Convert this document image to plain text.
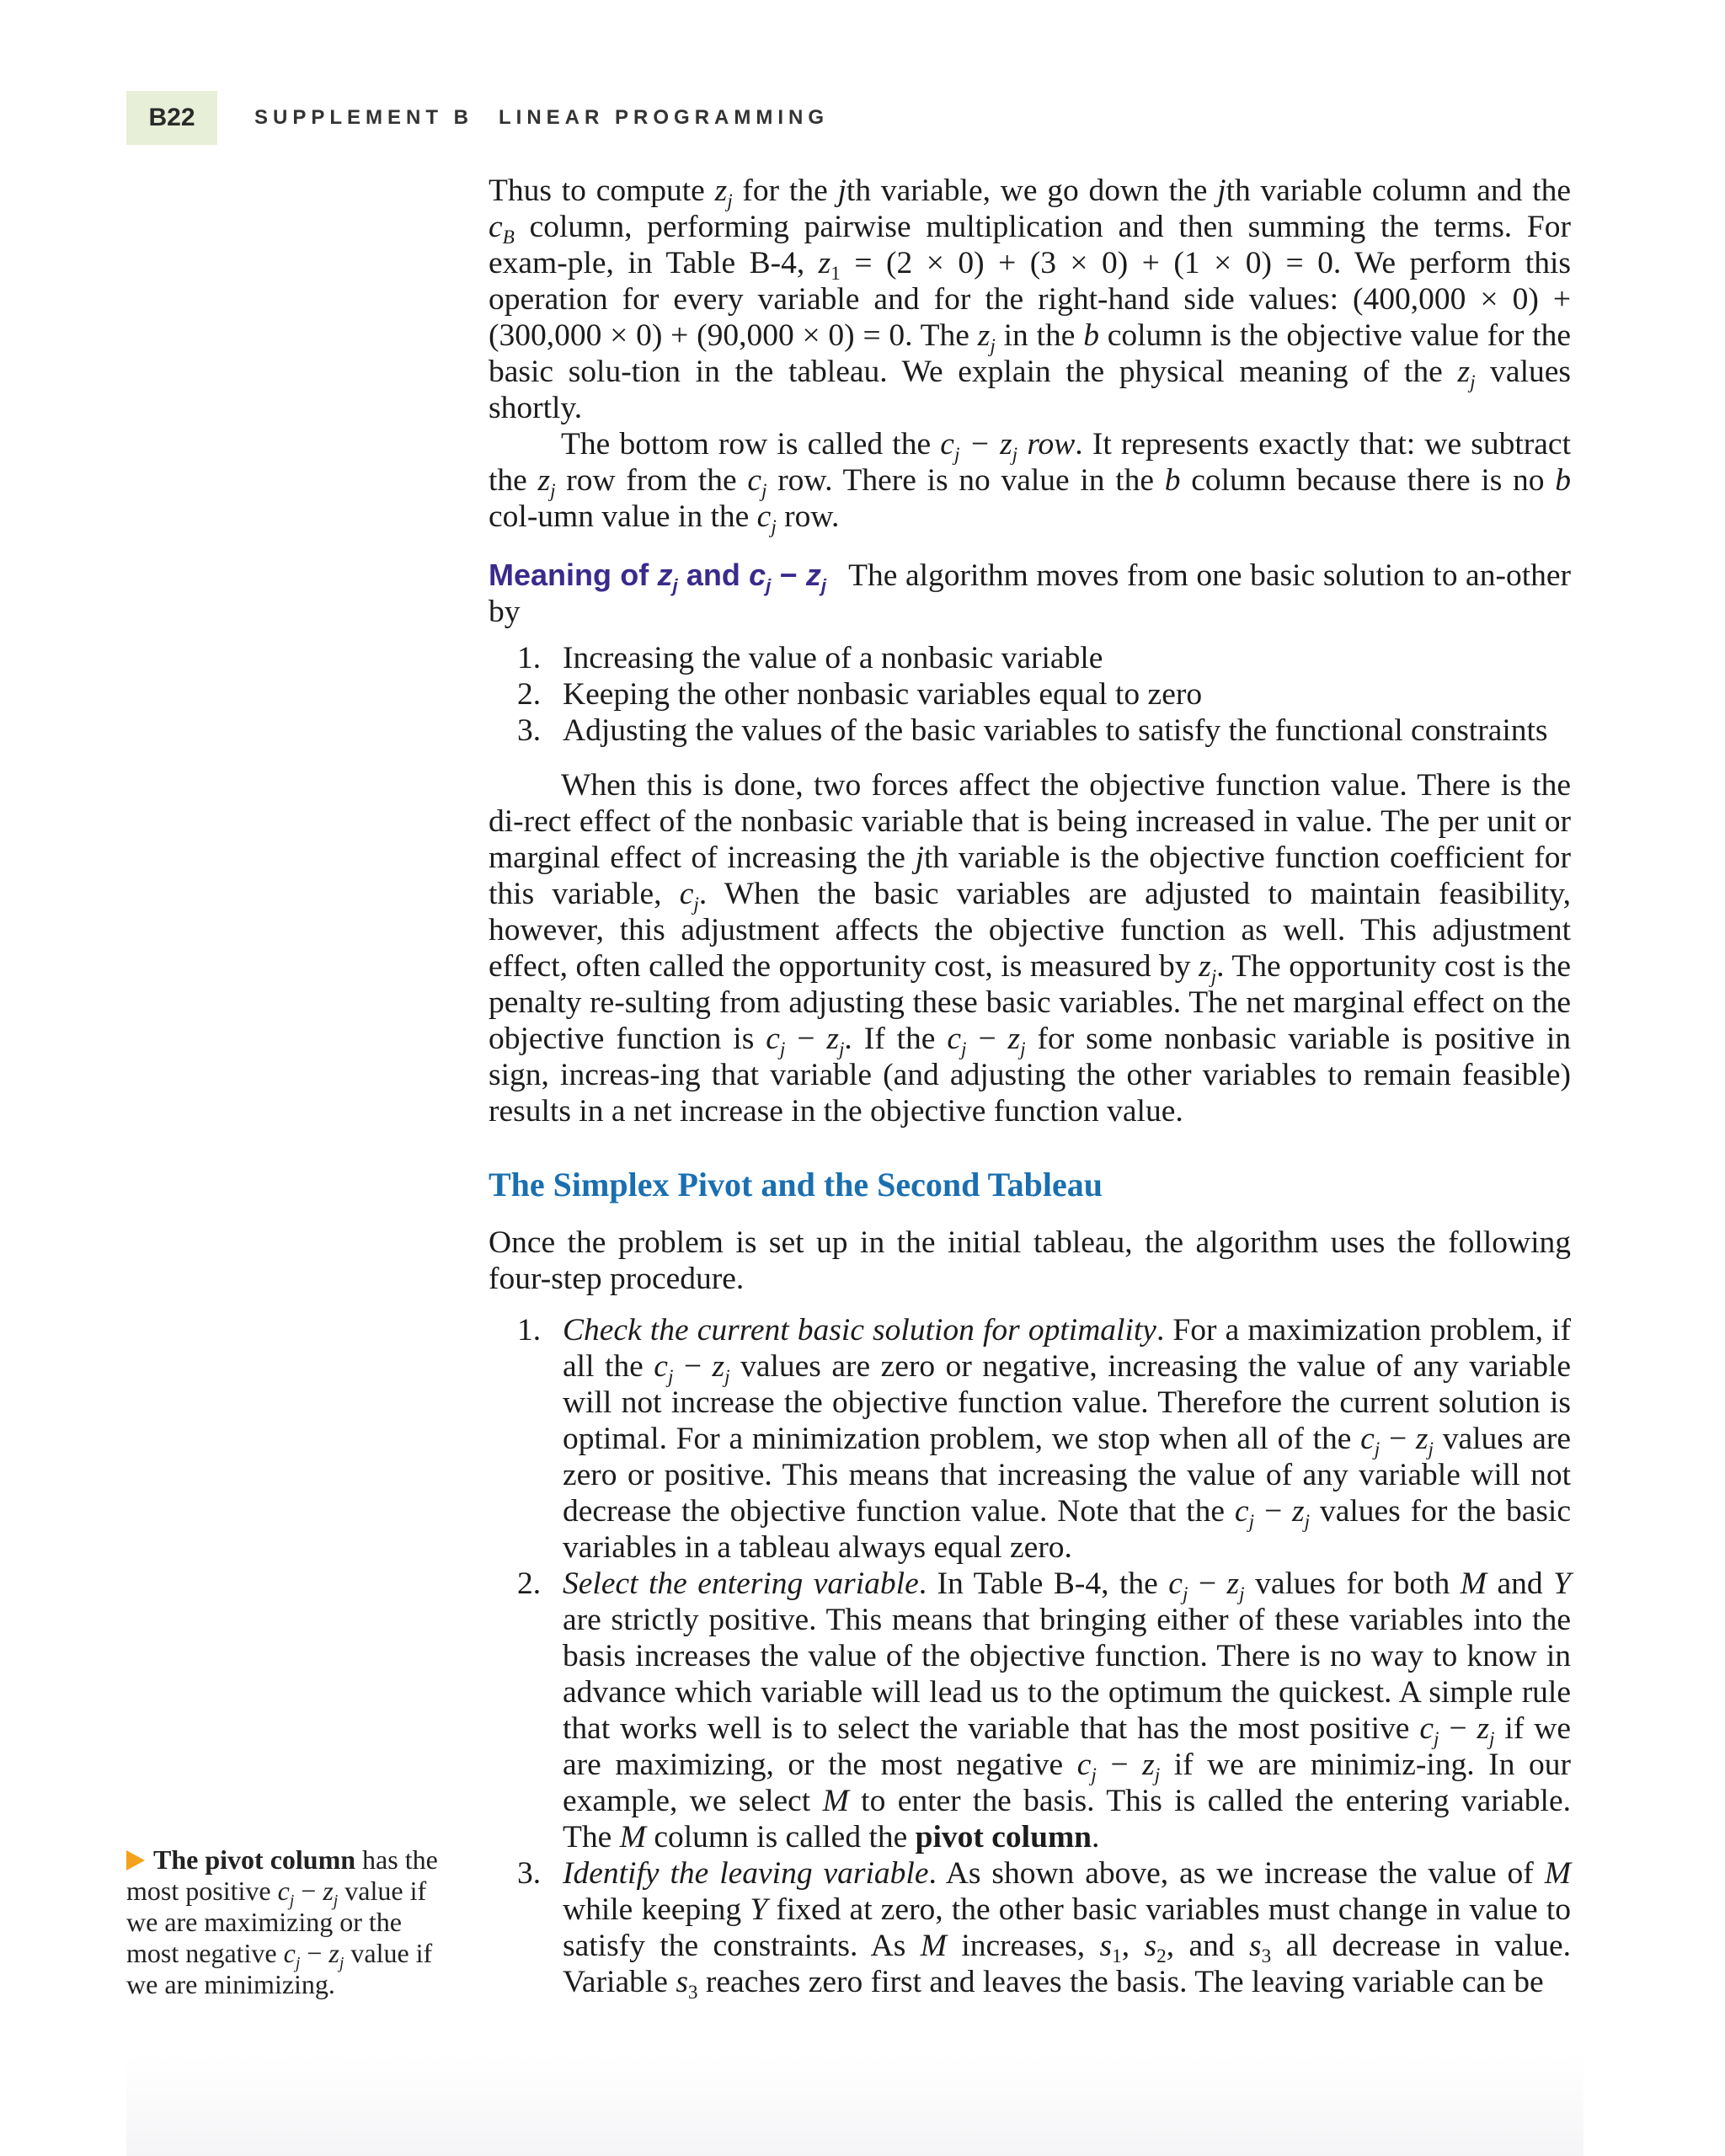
B22	SUPPLEMENT B LINEAR PROGRAMMING

Thus to compute $z_j$ for the jth variable, we go down the jth variable column and the $c_B$ column, performing pairwise multiplication and then summing the terms. For exam-ple, in Table B-4, $z_1 = (2 \times 0) + (3 \times 0) + (1 \times 0) = 0$. We perform this operation for every variable and for the right-hand side values: (400,000 × 0) + (300,000 × 0) + (90,000 × 0) = 0. The $z_j$ in the b column is the objective value for the basic solu-tion in the tableau. We explain the physical meaning of the $z_j$ values shortly.

The bottom row is called the $c_j - z_j$ row. It represents exactly that: we subtract the $z_j$ row from the $c_j$ row. There is no value in the b column because there is no b col-umn value in the $c_j$ row.

Meaning of $z_j$ and $c_j - z_j$ The algorithm moves from one basic solution to an-other by

1. Increasing the value of a nonbasic variable
2. Keeping the other nonbasic variables equal to zero
3. Adjusting the values of the basic variables to satisfy the functional constraints

When this is done, two forces affect the objective function value. There is the di-rect effect of the nonbasic variable that is being increased in value. The per unit or marginal effect of increasing the jth variable is the objective function coefficient for this variable, $c_j$. When the basic variables are adjusted to maintain feasibility, however, this adjustment affects the objective function as well. This adjustment effect, often called the opportunity cost, is measured by $z_j$. The opportunity cost is the penalty re-sulting from adjusting these basic variables. The net marginal effect on the objective function is $c_j - z_j$. If the $c_j - z_j$ for some nonbasic variable is positive in sign, increas-ing that variable (and adjusting the other variables to remain feasible) results in a net increase in the objective function value.

The Simplex Pivot and the Second Tableau

Once the problem is set up in the initial tableau, the algorithm uses the following four-step procedure.

1. Check the current basic solution for optimality. For a maximization problem, if all the $c_j - z_j$ values are zero or negative, increasing the value of any variable will not increase the objective function value. Therefore the current solution is optimal. For a minimization problem, we stop when all of the $c_j - z_j$ values are zero or positive. This means that increasing the value of any variable will not decrease the objective function value. Note that the $c_j - z_j$ values for the basic variables in a tableau always equal zero.
2. Select the entering variable. In Table B-4, the $c_j - z_j$ values for both M and Y are strictly positive. This means that bringing either of these variables into the basis increases the value of the objective function. There is no way to know in advance which variable will lead us to the optimum the quickest. A simple rule that works well is to select the variable that has the most positive $c_j - z_j$ if we are maximizing, or the most negative $c_j - z_j$ if we are minimiz-ing. In our example, we select M to enter the basis. This is called the entering variable. The M column is called the pivot column.
3. Identify the leaving variable. As shown above, as we increase the value of M while keeping Y fixed at zero, the other basic variables must change in value to satisfy the constraints. As M increases, $s_1$, $s_2$, and $s_3$ all decrease in value. Variable $s_3$ reaches zero first and leaves the basis. The leaving variable can be
The pivot column has the most positive $c_j - z_j$ value if we are maximizing or the most negative $c_j - z_j$ value if we are minimizing.
